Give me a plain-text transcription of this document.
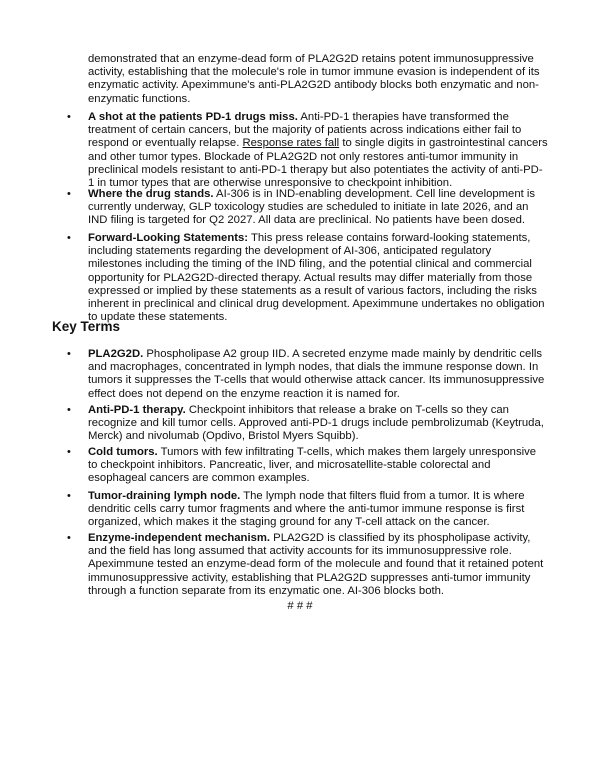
demonstrated that an enzyme-dead form of PLA2G2D retains potent immunosuppressive activity, establishing that the molecule's role in tumor immune evasion is independent of its enzymatic activity. Apeximmune's anti-PLA2G2D antibody blocks both enzymatic and non-enzymatic functions.

• A shot at the patients PD-1 drugs miss. Anti-PD-1 therapies have transformed the treatment of certain cancers, but the majority of patients across indications either fail to respond or eventually relapse. Response rates fall to single digits in gastrointestinal cancers and other tumor types. Blockade of PLA2G2D not only restores anti-tumor immunity in preclinical models resistant to anti-PD-1 therapy but also potentiates the activity of anti-PD-1 in tumor types that are otherwise unresponsive to checkpoint inhibition.

• Where the drug stands. AI-306 is in IND-enabling development. Cell line development is currently underway, GLP toxicology studies are scheduled to initiate in late 2026, and an IND filing is targeted for Q2 2027. All data are preclinical. No patients have been dosed.

• Forward-Looking Statements: This press release contains forward-looking statements, including statements regarding the development of AI-306, anticipated regulatory milestones including the timing of the IND filing, and the potential clinical and commercial opportunity for PLA2G2D-directed therapy. Actual results may differ materially from those expressed or implied by these statements as a result of various factors, including the risks inherent in preclinical and clinical drug development. Apeximmune undertakes no obligation to update these statements.

Key Terms
• PLA2G2D. Phospholipase A2 group IID. A secreted enzyme made mainly by dendritic cells and macrophages, concentrated in lymph nodes, that dials the immune response down. In tumors it suppresses the T-cells that would otherwise attack cancer. Its immunosuppressive effect does not depend on the enzyme reaction it is named for.

• Anti-PD-1 therapy. Checkpoint inhibitors that release a brake on T-cells so they can recognize and kill tumor cells. Approved anti-PD-1 drugs include pembrolizumab (Keytruda, Merck) and nivolumab (Opdivo, Bristol Myers Squibb).

• Cold tumors. Tumors with few infiltrating T-cells, which makes them largely unresponsive to checkpoint inhibitors. Pancreatic, liver, and microsatellite-stable colorectal and esophageal cancers are common examples.

• Tumor-draining lymph node. The lymph node that filters fluid from a tumor. It is where dendritic cells carry tumor fragments and where the anti-tumor immune response is first organized, which makes it the staging ground for any T-cell attack on the cancer.

• Enzyme-independent mechanism. PLA2G2D is classified by its phospholipase activity, and the field has long assumed that activity accounts for its immunosuppressive role. Apeximmune tested an enzyme-dead form of the molecule and found that it retained potent immunosuppressive activity, establishing that PLA2G2D suppresses anti-tumor immunity through a function separate from its enzymatic one. AI-306 blocks both.

# # #
